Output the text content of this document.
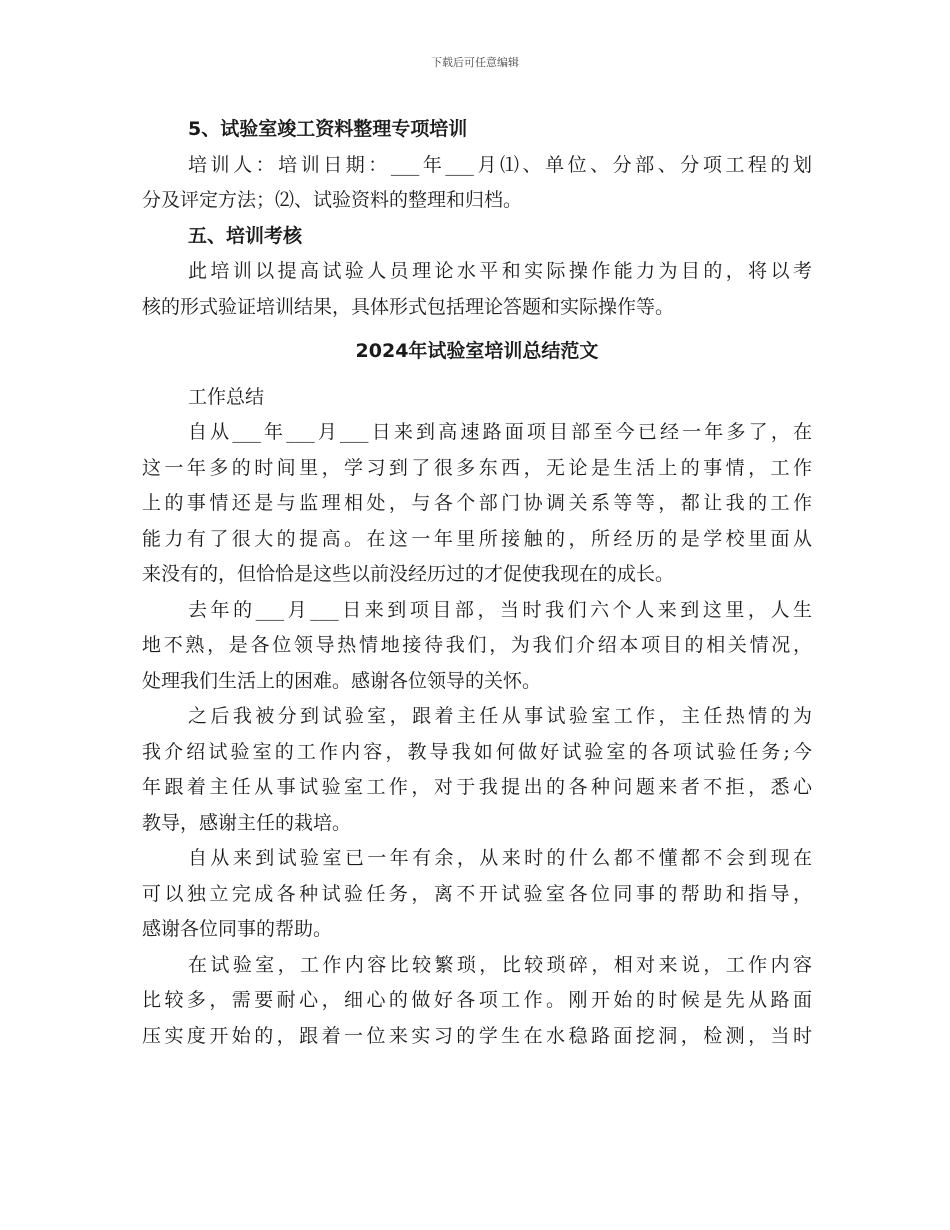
下载后可任意编辑
5、试验室竣工资料整理专项培训
培训人：培训日期：___年___月⑴、单位、分部、分项工程的划
分及评定方法；⑵、试验资料的整理和归档。
五、培训考核
此培训以提高试验人员理论水平和实际操作能力为目的，将以考
核的形式验证培训结果，具体形式包括理论答题和实际操作等。
2024年试验室培训总结范文
工作总结
自从___年___月___日来到高速路面项目部至今已经一年多了，在
这一年多的时间里，学习到了很多东西，无论是生活上的事情，工作
上的事情还是与监理相处，与各个部门协调关系等等，都让我的工作
能力有了很大的提高。在这一年里所接触的，所经历的是学校里面从
来没有的，但恰恰是这些以前没经历过的才促使我现在的成长。
去年的___月___日来到项目部，当时我们六个人来到这里，人生
地不熟，是各位领导热情地接待我们，为我们介绍本项目的相关情况，
处理我们生活上的困难。感谢各位领导的关怀。
之后我被分到试验室，跟着主任从事试验室工作，主任热情的为
我介绍试验室的工作内容，教导我如何做好试验室的各项试验任务;今
年跟着主任从事试验室工作，对于我提出的各种问题来者不拒，悉心
教导，感谢主任的栽培。
自从来到试验室已一年有余，从来时的什么都不懂都不会到现在
可以独立完成各种试验任务，离不开试验室各位同事的帮助和指导，
感谢各位同事的帮助。
在试验室，工作内容比较繁琐，比较琐碎，相对来说，工作内容
比较多，需要耐心，细心的做好各项工作。刚开始的时候是先从路面
压实度开始的，跟着一位来实习的学生在水稳路面挖洞，检测，当时
